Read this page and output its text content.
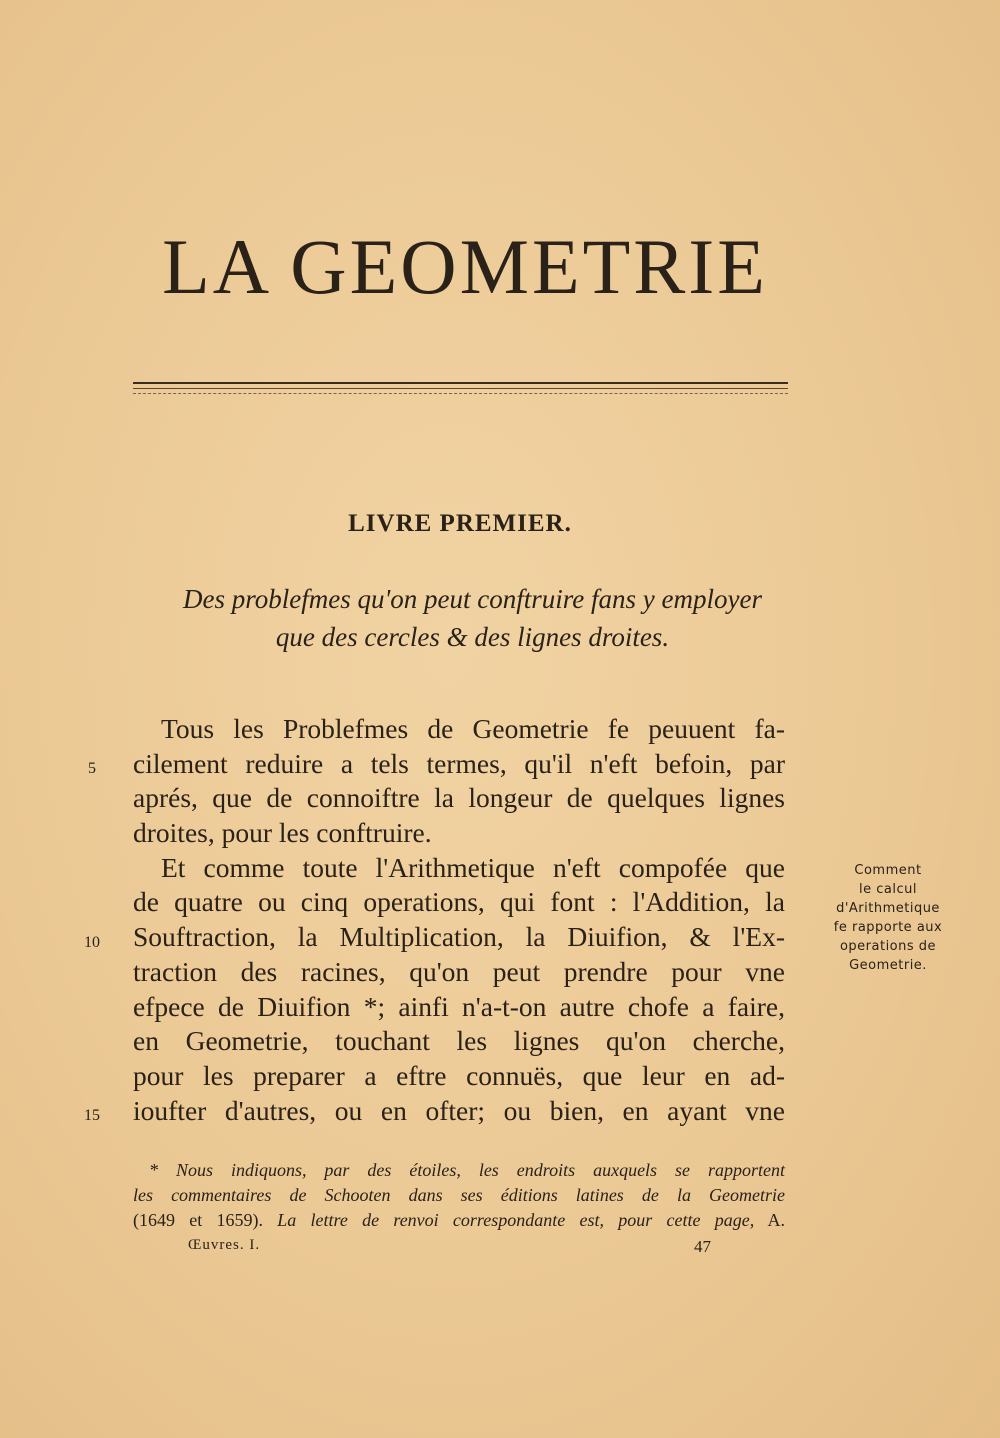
LA GEOMETRIE
LIVRE PREMIER.

Des problefmes qu'on peut conftruire fans y employer
que des cercles & des lignes droites.

Tous les Problefmes de Geometrie fe peuuent fa-
cilement reduire a tels termes, qu'il n'eft befoin, par
aprés, que de connoiftre la longeur de quelques lignes
droites, pour les conftruire.
Et comme toute l'Arithmetique n'eft compofée que
de quatre ou cinq operations, qui font : l'Addition, la
Souftraction, la Multiplication, la Diuifion, & l'Ex-
traction des racines, qu'on peut prendre pour vne
efpece de Diuifion *; ainfi n'a-t-on autre chofe a faire,
en Geometrie, touchant les lignes qu'on cherche,
pour les preparer a eftre connuës, que leur en ad-
ioufter d'autres, ou en ofter; ou bien, en ayant vne
5
10
15
Comment
le calcul
d'Arithmetique
fe rapporte aux
operations de
Geometrie.
* Nous indiquons, par des étoiles, les endroits auxquels se rapportent
les commentaires de Schooten dans ses éditions latines de la Geometrie
(1649 et 1659). La lettre de renvoi correspondante est, pour cette page, A.
Œuvres. I.	47
